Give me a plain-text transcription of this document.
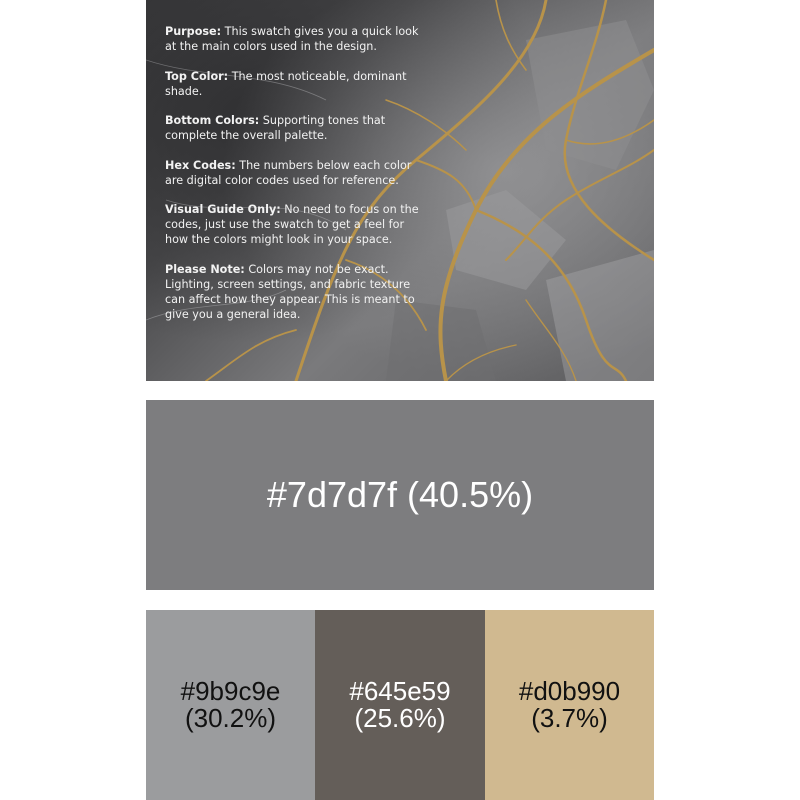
Purpose: This swatch gives you a quick look at the main colors used in the design.

Top Color: The most noticeable, dominant shade.

Bottom Colors: Supporting tones that complete the overall palette.

Hex Codes: The numbers below each color are digital color codes used for reference.

Visual Guide Only: No need to focus on the codes, just use the swatch to get a feel for how the colors might look in your space.

Please Note: Colors may not be exact. Lighting, screen settings, and fabric texture can affect how they appear. This is meant to give you a general idea.

#7d7d7f (40.5%)
#9b9c9e
(30.2%)
#645e59
(25.6%)
#d0b990
(3.7%)
